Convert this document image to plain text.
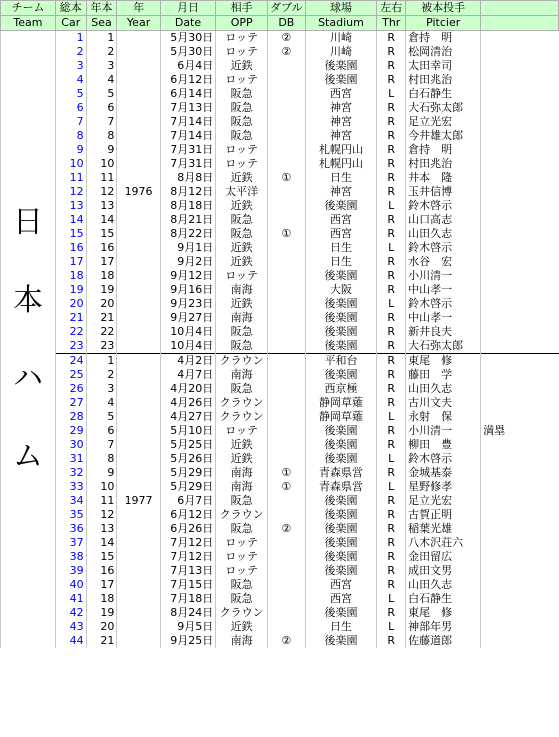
チーム	総本	年本	年	月日	相手	ダブル	球場	左右	被本投手	
Team	Car	Sea	Year	Date	OPP	DB	Stadium	Thr	Pitcier	

日
本
ハ
ム	1	1	1976	5月30日	ロッテ	②	川崎	R	倉持　明	
	2	2		5月30日	ロッテ	②	川崎	R	松岡清治	
	3	3		6月4日	近鉄		後楽園	R	太田幸司	
	4	4		6月12日	ロッテ		後楽園	R	村田兆治	
	5	5		6月14日	阪急		西宮	L	白石静生	
	6	6		7月13日	阪急		神宮	R	大石弥太郎	
	7	7		7月14日	阪急		神宮	R	足立光宏	
	8	8		7月14日	阪急		神宮	R	今井雄太郎	
	9	9		7月31日	ロッテ		札幌円山	R	倉持　明	
	10	10		7月31日	ロッテ		札幌円山	R	村田兆治	
	11	11		8月8日	近鉄	①	日生	R	井本　隆	
	12	12		8月12日	太平洋		神宮	R	玉井信博	
	13	13		8月18日	近鉄		後楽園	L	鈴木啓示	
	14	14		8月21日	阪急		西宮	R	山口高志	
	15	15		8月22日	阪急	①	西宮	R	山田久志	
	16	16		9月1日	近鉄		日生	L	鈴木啓示	
	17	17		9月2日	近鉄		日生	R	水谷　宏	
	18	18		9月12日	ロッテ		後楽園	R	小川清一	
	19	19		9月16日	南海		大阪	R	中山孝一	
	20	20		9月23日	近鉄		後楽園	L	鈴木啓示	
	21	21		9月27日	南海		後楽園	R	中山孝一	
	22	22		10月4日	阪急		後楽園	R	新井良夫	
	23	23		10月4日	阪急		後楽園	R	大石弥太郎	
	24	1	1977	4月2日	クラウン		平和台	R	東尾　修	
	25	2		4月7日	南海		後楽園	R	藤田　学	
	26	3		4月20日	阪急		西京極	R	山田久志	
	27	4		4月26日	クラウン		静岡草薙	R	古川文夫	
	28	5		4月27日	クラウン		静岡草薙	L	永射　保	
	29	6		5月10日	ロッテ		後楽園	R	小川清一	満塁
	30	7		5月25日	近鉄		後楽園	R	柳田　豊	
	31	8		5月26日	近鉄		後楽園	L	鈴木啓示	
	32	9		5月29日	南海	①	青森県営	R	金城基泰	
	33	10		5月29日	南海	①	青森県営	L	星野修孝	
	34	11		6月7日	阪急		後楽園	R	足立光宏	
	35	12		6月12日	クラウン		後楽園	R	古賀正明	
	36	13		6月26日	阪急	②	後楽園	R	稲葉光雄	
	37	14		7月12日	ロッテ		後楽園	R	八木沢荘六	
	38	15		7月12日	ロッテ		後楽園	R	金田留広	
	39	16		7月13日	ロッテ		後楽園	R	成田文男	
	40	17		7月15日	阪急		西宮	R	山田久志	
	41	18		7月18日	阪急		西宮	L	白石静生	
	42	19		8月24日	クラウン		後楽園	R	東尾　修	
	43	20		9月5日	近鉄		日生	L	神部年男	
	44	21		9月25日	南海	②	後楽園	R	佐藤道郎	
